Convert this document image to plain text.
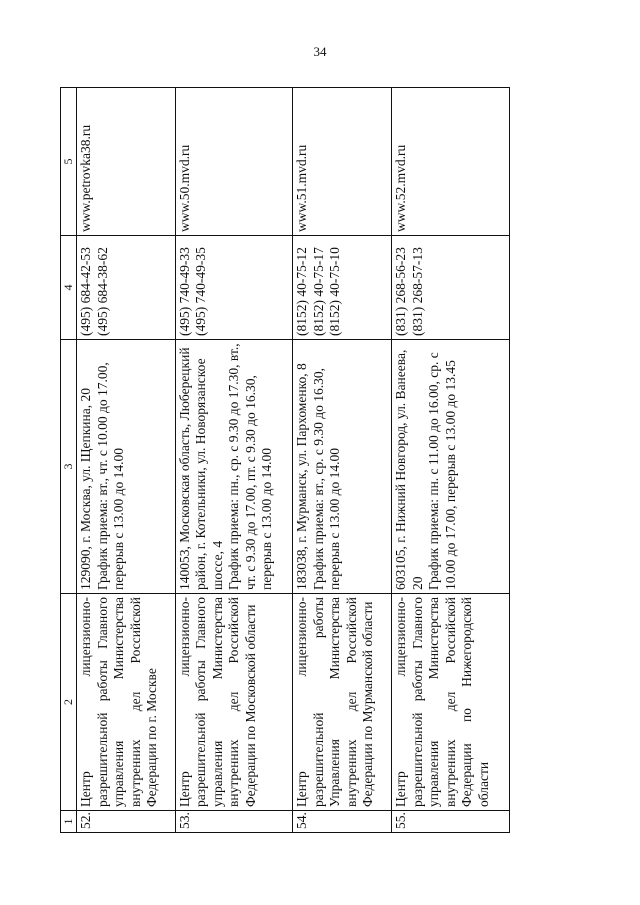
34
1	2	3	4	5
52.	Центр лицензионно-разрешительной работы Главного управления Министерства внутренних дел Российской Федерации по г. Москве	129090, г. Москва, ул. Щепкина, 20 График приема: вт., чт. с 10.00 до 17.00, перерыв с 13.00 до 14.00	(495) 684-42-53 (495) 684-38-62	www.petrovka38.ru
53.	Центр лицензионно-разрешительной работы Главного управления Министерства внутренних дел Российской Федерации по Московской области	140053, Московская область, Люберецкий район, г. Котельники, ул. Новорязанское шоссе, 4 График приема: пн., ср. с 9.30 до 17.30, вт., чт. с 9.30 до 17.00, пт. с 9.30 до 16.30, перерыв с 13.00 до 14.00	(495) 740-49-33 (495) 740-49-35	www.50.mvd.ru
54.	Центр лицензионно-разрешительной работы Управления Министерства внутренних дел Российской Федерации по Мурманской области	183038, г. Мурманск, ул. Пархоменко, 8 График приема: вт., ср. с 9.30 до 16.30, перерыв с 13.00 до 14.00	(8152) 40-75-12 (8152) 40-75-17 (8152) 40-75-10	www.51.mvd.ru
55.	Центр лицензионно-разрешительной работы Главного управления Министерства внутренних дел Российской Федерации по Нижегородской области	603105, г. Нижний Новгород, ул. Ванеева, 20 График приема: пн. с 11.00 до 16.00, ср. с 10.00 до 17.00, перерыв с 13.00 до 13.45	(831) 268-56-23 (831) 268-57-13	www.52.mvd.ru
